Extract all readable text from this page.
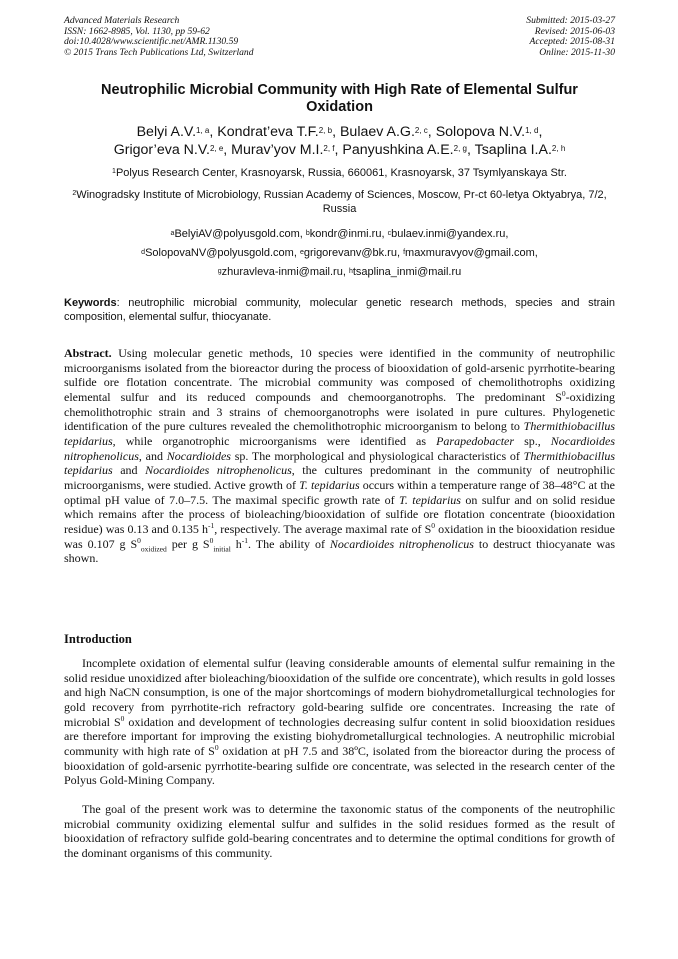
Advanced Materials Research
ISSN: 1662-8985, Vol. 1130, pp 59-62
doi:10.4028/www.scientific.net/AMR.1130.59
© 2015 Trans Tech Publications Ltd, Switzerland
Submitted: 2015-03-27
Revised: 2015-06-03
Accepted: 2015-08-31
Online: 2015-11-30
Neutrophilic Microbial Community with High Rate of Elemental Sulfur
Oxidation
Belyi A.V.$^{1, a}$, Kondrat’eva T.F.$^{2, b}$, Bulaev A.G.$^{2, c}$, Solopova N.V.$^{1, d}$,
Grigor’eva N.V.$^{2, e}$, Murav’yov M.I.$^{2, f}$, Panyushkina A.E.$^{2, g}$, Tsaplina I.A.$^{2, h}$
$^1$Polyus Research Center, Krasnoyarsk, Russia, 660061, Krasnoyarsk, 37 Tsymlyanskaya Str.
$^2$Winogradsky Institute of Microbiology, Russian Academy of Sciences, Moscow, Pr-ct 60-letya Oktyabrya, 7/2, Russia
$^a$BelyiAV@polyusgold.com, $^b$kondr@inmi.ru, $^c$bulaev.inmi@yandex.ru,
$^d$SolopovaNV@polyusgold.com, $^e$grigorevanv@bk.ru, $^f$maxmuravyov@gmail.com,
$^g$zhuravleva-inmi@mail.ru, $^h$tsaplina_inmi@mail.ru

Keywords: neutrophilic microbial community, molecular genetic research methods, species and strain composition, elemental sulfur, thiocyanate.

Abstract. Using molecular genetic methods, 10 species were identified in the community of neutrophilic microorganisms isolated from the bioreactor during the process of biooxidation of gold-arsenic pyrrhotite-bearing sulfide ore flotation concentrate. The microbial community was composed of chemolithotrophs oxidizing elemental sulfur and its reduced compounds and chemoorganotrophs. The predominant $S^0$-oxidizing chemolithotrophic strain and 3 strains of chemoorganotrophs were isolated in pure cultures. Phylogenetic identification of the pure cultures revealed the chemolithotrophic microorganism to belong to Thermithiobacillus tepidarius, while organotrophic microorganisms were identified as Parapedobacter sp., Nocardioides nitrophenolicus, and Nocardioides sp. The morphological and physiological characteristics of Thermithiobacillus tepidarius and Nocardioides nitrophenolicus, the cultures predominant in the community of neutrophilic microorganisms, were studied. Active growth of T. tepidarius occurs within a temperature range of 38–48°C at the optimal pH value of 7.0–7.5. The maximal specific growth rate of T. tepidarius on sulfur and on solid residue which remains after the process of bioleaching/biooxidation of sulfide ore flotation concentrate (biooxidation residue) was 0.13 and 0.135 $h^{-1}$, respectively. The average maximal rate of $S^0$ oxidation in the biooxidation residue was 0.107 g $S^0_{oxidized}$ per g $S^0_{initial}$ $h^{-1}$. The ability of Nocardioides nitrophenolicus to destruct thiocyanate was shown.

Introduction

Incomplete oxidation of elemental sulfur (leaving considerable amounts of elemental sulfur remaining in the solid residue unoxidized after bioleaching/biooxidation of the sulfide ore concentrate), which results in gold losses and high NaCN consumption, is one of the major shortcomings of modern biohydrometallurgical technologies for gold recovery from pyrrhotite-rich refractory gold-bearing sulfide ore concentrates. Increasing the rate of microbial $S^0$ oxidation and development of technologies decreasing sulfur content in solid biooxidation residues are therefore important for improving the existing biohydrometallurgical technologies. A neutrophilic microbial community with high rate of $S^0$ oxidation at pH 7.5 and 38ºC, isolated from the bioreactor during the process of biooxidation of gold-arsenic pyrrhotite-bearing sulfide ore concentrate, was selected in the research center of the Polyus Gold-Mining Company.

The goal of the present work was to determine the taxonomic status of the components of the neutrophilic microbial community oxidizing elemental sulfur and sulfides in the solid residues formed as the result of biooxidation of refractory sulfide gold-bearing concentrates and to determine the optimal conditions for growth of the dominant organisms of this community.
